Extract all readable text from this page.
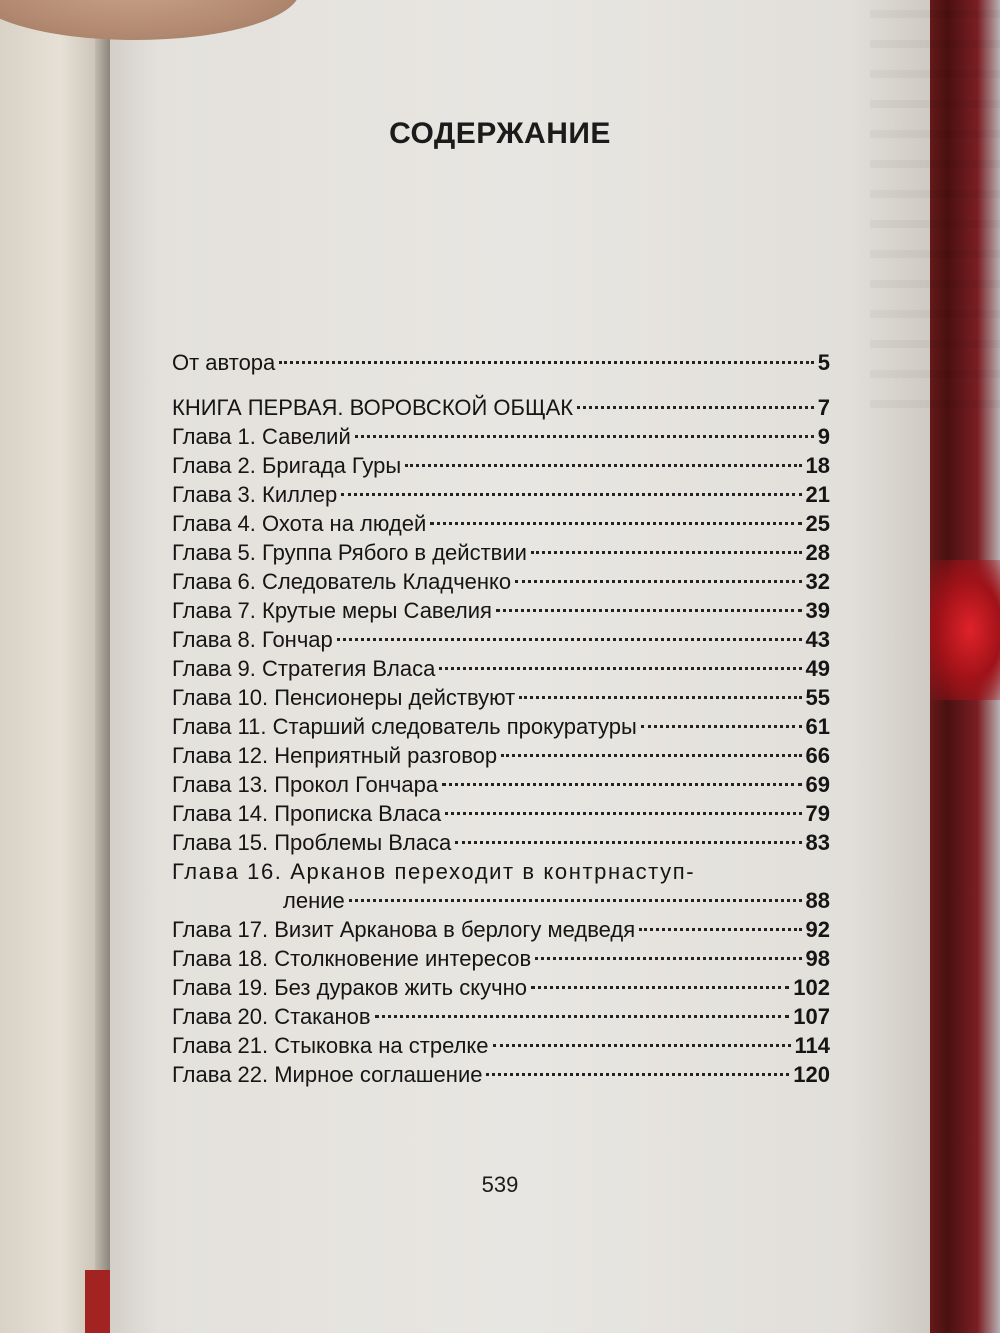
СОДЕРЖАНИЕ
От автора	5
КНИГА ПЕРВАЯ. ВОРОВСКОЙ ОБЩАК	7
Глава 1. Савелий	9
Глава 2. Бригада Гуры	18
Глава 3. Киллер	21
Глава 4. Охота на людей	25
Глава 5. Группа Рябого в действии	28
Глава 6. Следователь Кладченко	32
Глава 7. Крутые меры Савелия	39
Глава 8. Гончар	43
Глава 9. Стратегия Власа	49
Глава 10. Пенсионеры действуют	55
Глава 11. Старший следователь прокуратуры	61
Глава 12. Неприятный разговор	66
Глава 13. Прокол Гончара	69
Глава 14. Прописка Власа	79
Глава 15. Проблемы Власа	83
Глава 16. Арканов переходит в контрнаступ-
ление	88
Глава 17. Визит Арканова в берлогу медведя	92
Глава 18. Столкновение интересов	98
Глава 19. Без дураков жить скучно	102
Глава 20. Стаканов	107
Глава 21. Стыковка на стрелке	114
Глава 22. Мирное соглашение	120
539
